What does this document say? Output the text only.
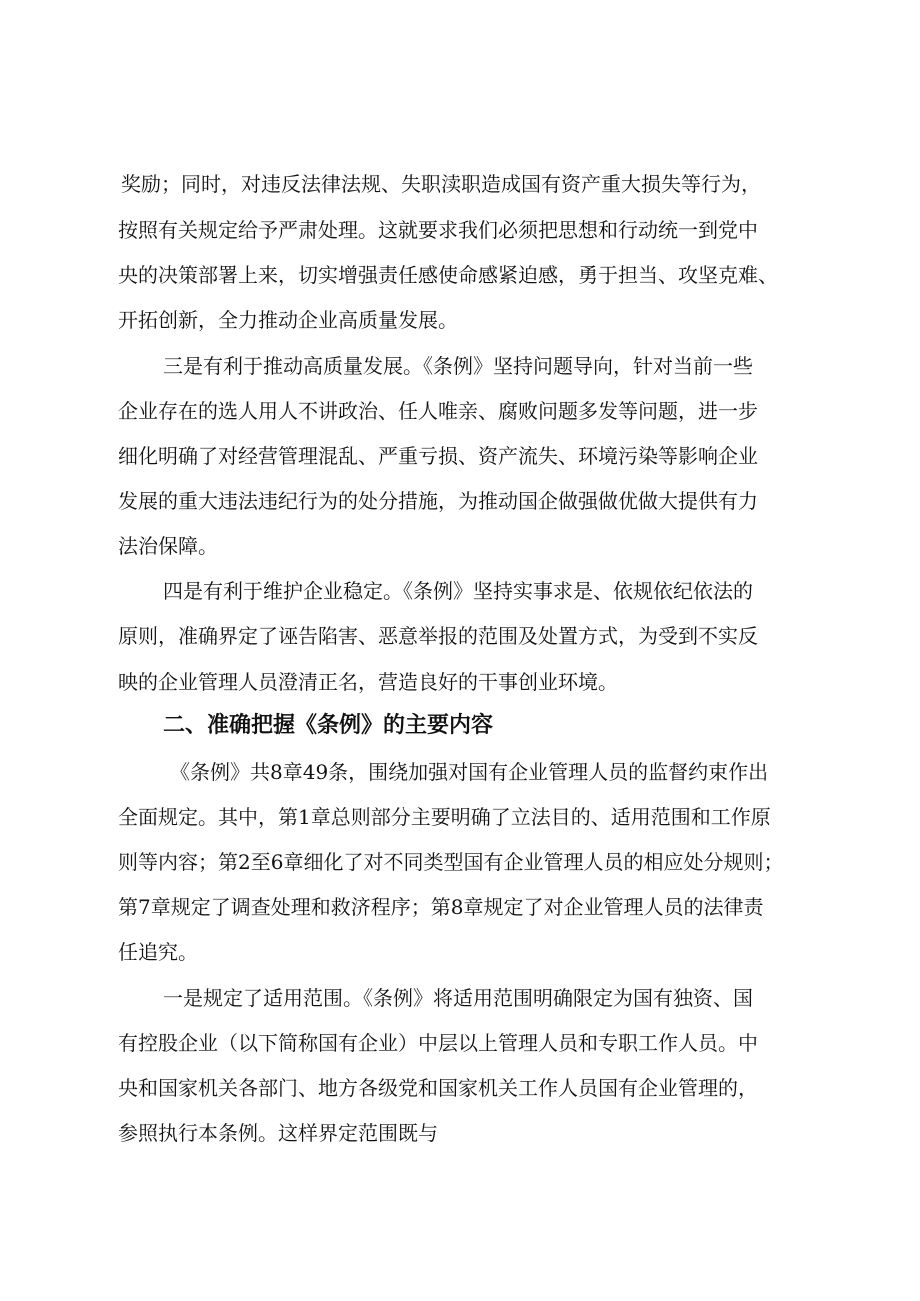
奖励；同时，对违反法律法规、失职渎职造成国有资产重大损失等行为，
按照有关规定给予严肃处理。这就要求我们必须把思想和行动统一到党中
央的决策部署上来，切实增强责任感使命感紧迫感，勇于担当、攻坚克难、
开拓创新，全力推动企业高质量发展。
三是有利于推动高质量发展。《条例》坚持问题导向，针对当前一些
企业存在的选人用人不讲政治、任人唯亲、腐败问题多发等问题，进一步
细化明确了对经营管理混乱、严重亏损、资产流失、环境污染等影响企业
发展的重大违法违纪行为的处分措施，为推动国企做强做优做大提供有力
法治保障。
四是有利于维护企业稳定。《条例》坚持实事求是、依规依纪依法的
原则，准确界定了诬告陷害、恶意举报的范围及处置方式，为受到不实反
映的企业管理人员澄清正名，营造良好的干事创业环境。
二、准确把握《条例》的主要内容
《条例》共8章49条，围绕加强对国有企业管理人员的监督约束作出
全面规定。其中，第1章总则部分主要明确了立法目的、适用范围和工作原
则等内容；第2至6章细化了对不同类型国有企业管理人员的相应处分规则；
第7章规定了调查处理和救济程序；第8章规定了对企业管理人员的法律责
任追究。
一是规定了适用范围。《条例》将适用范围明确限定为国有独资、国
有控股企业（以下简称国有企业）中层以上管理人员和专职工作人员。中
央和国家机关各部门、地方各级党和国家机关工作人员国有企业管理的，
参照执行本条例。这样界定范围既与
